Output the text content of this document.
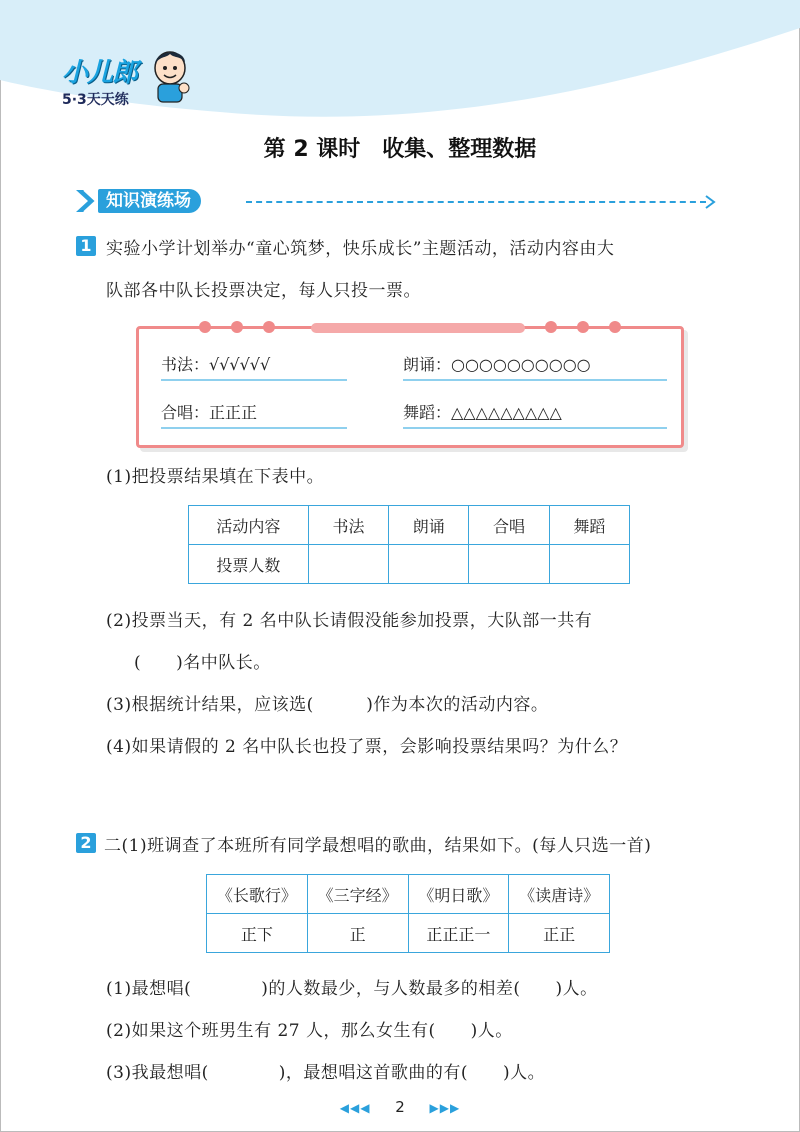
小儿郎
5·3天天练
第 2 课时　收集、整理数据
知识演练场
1 实验小学计划举办“童心筑梦，快乐成长”主题活动，活动内容由大
队部各中队长投票决定，每人只投一票。
书法：√√√√√√	朗诵：○○○○○○○○○○
合唱：正正正	舞蹈：△△△△△△△△△
(1)把投票结果填在下表中。
活动内容	书法	朗诵	合唱	舞蹈
投票人数				
(2)投票当天，有 2 名中队长请假没能参加投票，大队部一共有
(　　)名中队长。
(3)根据统计结果，应该选(　　　)作为本次的活动内容。
(4)如果请假的 2 名中队长也投了票，会影响投票结果吗？为什么？
2 二(1)班调查了本班所有同学最想唱的歌曲，结果如下。(每人只选一首)
《长歌行》	《三字经》	《明日歌》	《读唐诗》
正下	正	正正正一	正正
(1)最想唱(　　　　)的人数最少，与人数最多的相差(　　)人。
(2)如果这个班男生有 27 人，那么女生有(　　)人。
(3)我最想唱(　　　　)，最想唱这首歌曲的有(　　)人。
◀◀◀ 2 ▶▶▶
